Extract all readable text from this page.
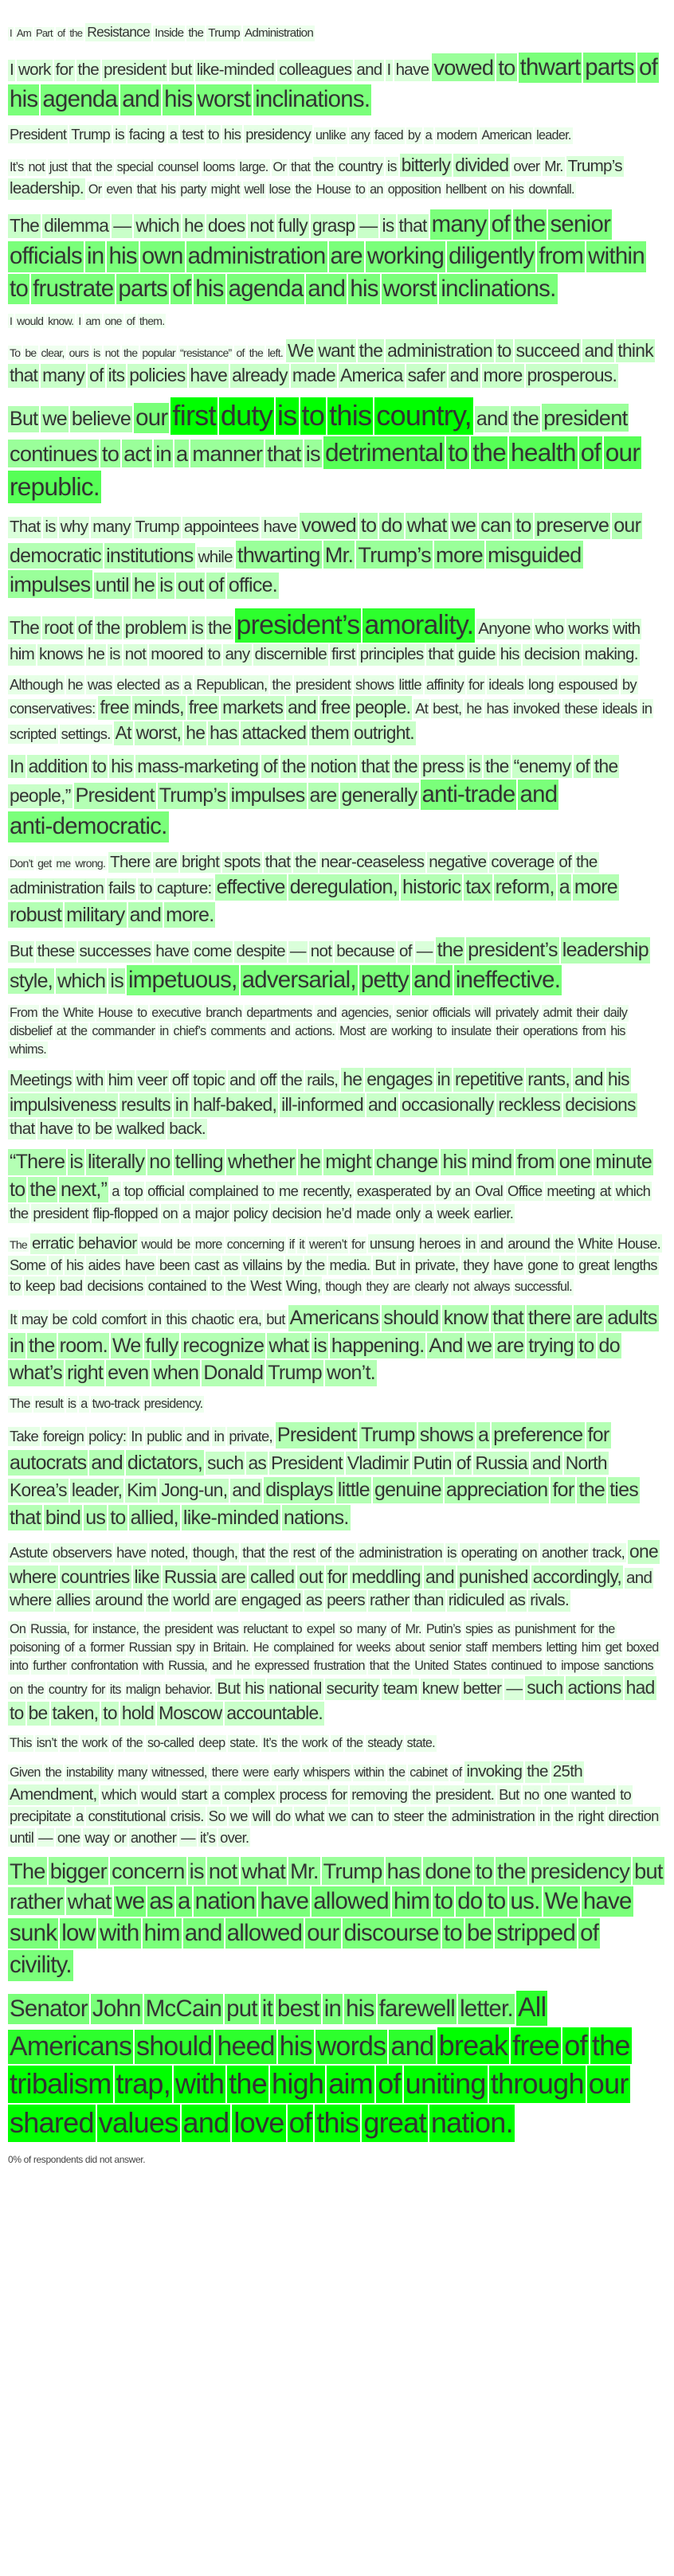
I Am Part of the Resistance Inside the Trump Administration
I work for the president but like-minded colleagues and I have vowed to thwart parts ofhis agenda and his worst inclinations.
President Trump is facing a test to his presidency unlike any faced by a modern American leader.
It’s not just that the special counsel looms large. Or that the country is bitterly divided over Mr. Trump’sleadership. Or even that his party might well lose the House to an opposition hellbent on his downfall.
The dilemma — which he does not fully grasp — is that many of the seniorofficials in his own administration are working diligently from withinto frustrate parts of his agenda and his worst inclinations.
I would know. I am one of them.
To be clear, ours is not the popular “resistance” of the left. We want the administration to succeed and thinkthat many of its policies have already made America safer and more prosperous.
But we believe our first duty is to this country, and the presidentcontinues to act in a manner that is detrimental to the health of ourrepublic.
That is why many Trump appointees have vowed to do what we can to preserve ourdemocratic institutions while thwarting Mr. Trump’s more misguidedimpulses until he is out of office.
The root of the problem is the president’s amorality. Anyone who works withhim knows he is not moored to any discernible first principles that guide his decision making.
Although he was elected as a Republican, the president shows little affinity for ideals long espoused byconservatives: free minds, free markets and free people. At best, he has invoked these ideals inscripted settings. At worst, he has attacked them outright.
In addition to his mass-marketing of the notion that the press is the “enemy of thepeople,” President Trump’s impulses are generally anti-trade andanti-democratic.
Don’t get me wrong. There are bright spots that the near-ceaseless negative coverage of theadministration fails to capture: effective deregulation, historic tax reform, a morerobust military and more.
But these successes have come despite — not because of — the president’s leadershipstyle, which is impetuous, adversarial, petty and ineffective.
From the White House to executive branch departments and agencies, senior officials will privately admit their dailydisbelief at the commander in chief’s comments and actions. Most are working to insulate their operations from hiswhims.
Meetings with him veer off topic and off the rails, he engages in repetitive rants, and hisimpulsiveness results in half-baked, ill-informed and occasionally reckless decisionsthat have to be walked back.
“There is literally no telling whether he might change his mind from one minuteto the next,” a top official complained to me recently, exasperated by an Oval Office meeting at whichthe president flip-flopped on a major policy decision he’d made only a week earlier.
The erratic behavior would be more concerning if it weren’t for unsung heroes in and around the White House.Some of his aides have been cast as villains by the media. But in private, they have gone to great lengthsto keep bad decisions contained to the West Wing, though they are clearly not always successful.
It may be cold comfort in this chaotic era, but Americans should know that there are adultsin the room. We fully recognize what is happening. And we are trying to dowhat’s right even when Donald Trump won’t.
The result is a two-track presidency.
Take foreign policy: In public and in private, President Trump shows a preference forautocrats and dictators, such as President Vladimir Putin of Russia and NorthKorea’s leader, Kim Jong-un, and displays little genuine appreciation for the tiesthat bind us to allied, like-minded nations.
Astute observers have noted, though, that the rest of the administration is operating on another track, onewhere countries like Russia are called out for meddling and punished accordingly, andwhere allies around the world are engaged as peers rather than ridiculed as rivals.
On Russia, for instance, the president was reluctant to expel so many of Mr. Putin’s spies as punishment for thepoisoning of a former Russian spy in Britain. He complained for weeks about senior staff members letting him get boxedinto further confrontation with Russia, and he expressed frustration that the United States continued to impose sanctionson the country for its malign behavior. But his national security team knew better — such actions hadto be taken, to hold Moscow accountable.
This isn’t the work of the so-called deep state. It’s the work of the steady state.
Given the instability many witnessed, there were early whispers within the cabinet of invoking the 25thAmendment, which would start a complex process for removing the president. But no one wanted toprecipitate a constitutional crisis. So we will do what we can to steer the administration in the right directionuntil — one way or another — it’s over.
The bigger concern is not what Mr. Trump has done to the presidency butrather what we as a nation have allowed him to do to us. We havesunk low with him and allowed our discourse to be stripped ofcivility.
Senator John McCain put it best in his farewell letter. AllAmericans should heed his words and break free of thetribalism trap, with the high aim of uniting through ourshared values and love of this great nation.
0% of respondents did not answer.
